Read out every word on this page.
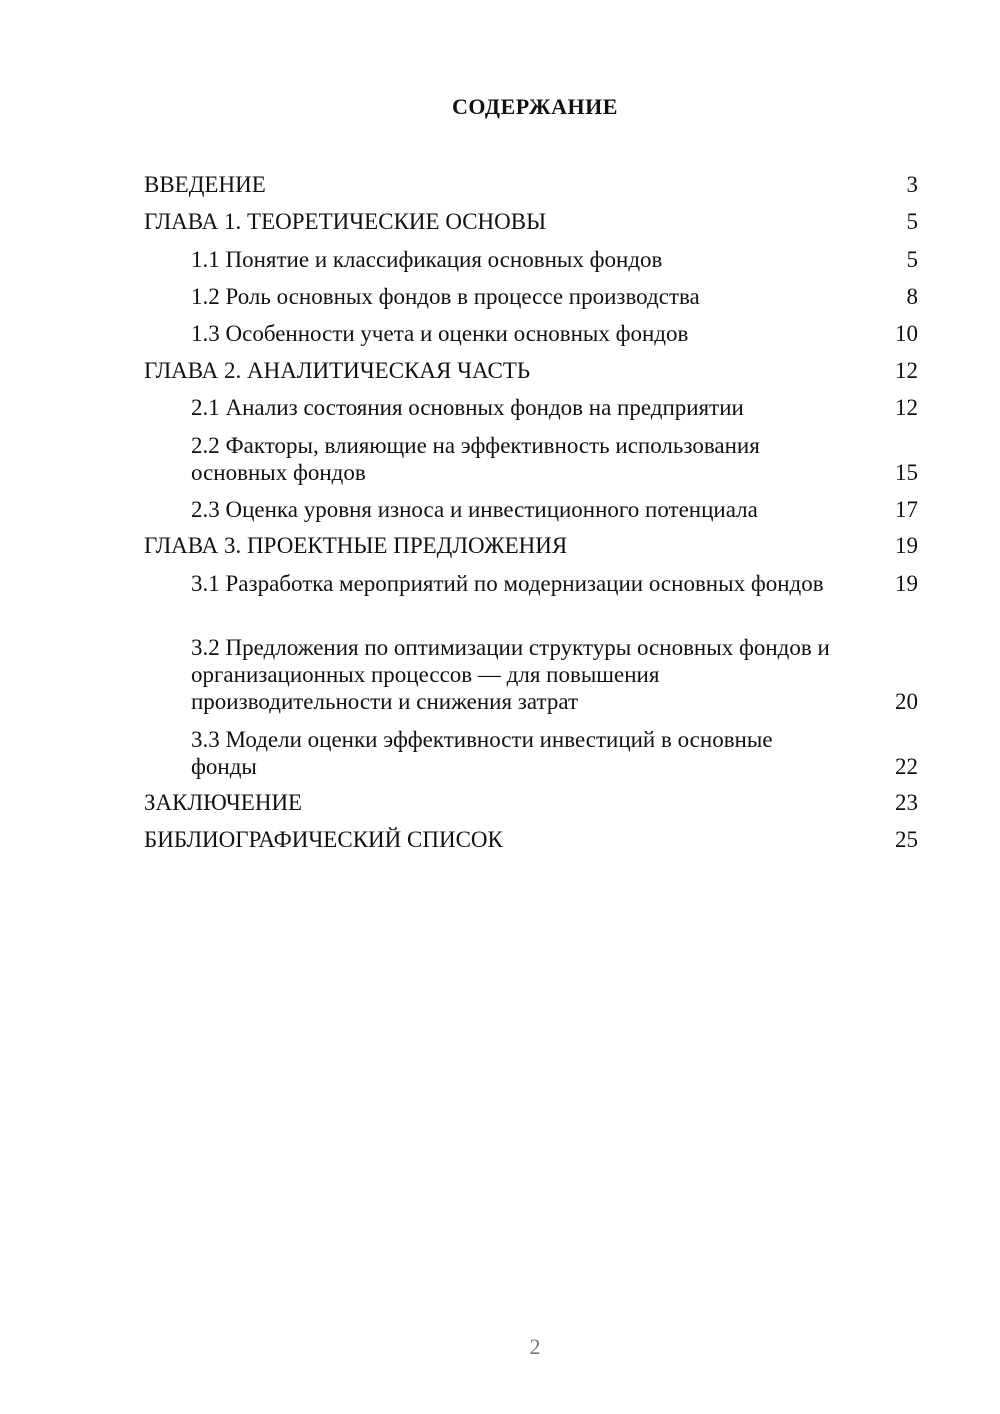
СОДЕРЖАНИЕ
ВВЕДЕНИЕ	3
ГЛАВА 1. ТЕОРЕТИЧЕСКИЕ ОСНОВЫ	5
1.1 Понятие и классификация основных фондов	5
1.2 Роль основных фондов в процессе производства	8
1.3 Особенности учета и оценки основных фондов	10
ГЛАВА 2. АНАЛИТИЧЕСКАЯ ЧАСТЬ	12
2.1 Анализ состояния основных фондов на предприятии	12
2.2 Факторы, влияющие на эффективность использования основных фондов	15
2.3 Оценка уровня износа и инвестиционного потенциала	17
ГЛАВА 3. ПРОЕКТНЫЕ ПРЕДЛОЖЕНИЯ	19
3.1 Разработка мероприятий по модернизации основных фондов	19
3.2 Предложения по оптимизации структуры основных фондов и организационных процессов — для повышения производительности и снижения затрат	20
3.3 Модели оценки эффективности инвестиций в основные фонды	22
ЗАКЛЮЧЕНИЕ	23
БИБЛИОГРАФИЧЕСКИЙ СПИСОК	25
2
